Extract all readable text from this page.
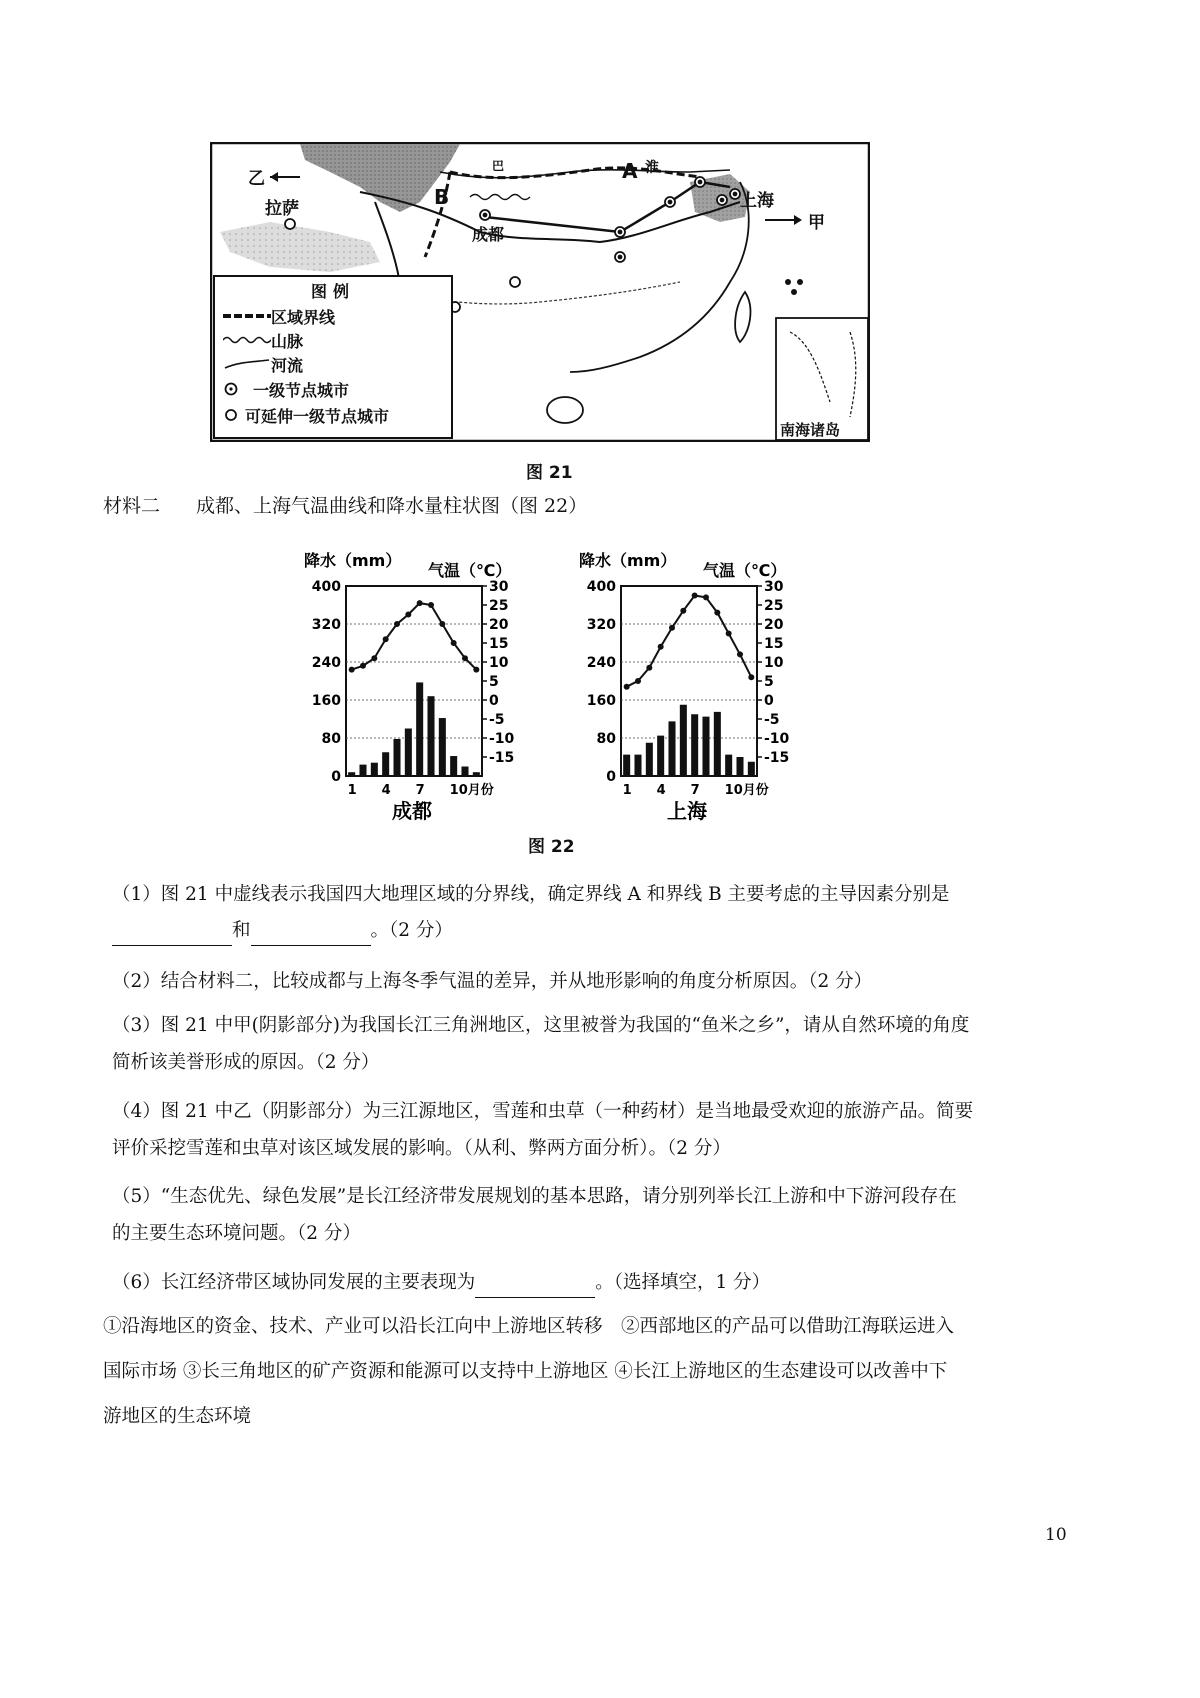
乙
拉萨	B
成都
A 淮
巴
上海
甲
南海诸岛
图例
区域界线
山脉
河流
一级节点城市
可延伸一级节点城市
图 21
材料二 成都、上海气温曲线和降水量柱状图（图 22）
降水（mm）
气温（℃）
0
80
160
240
320
400
-15
-10
-5
0
5
10
15
20
25
30
1 4 7 10月份
成都
降水（mm）
气温（℃）
0
80
160
240
320
400
-15
-10
-5
0
5
10
15
20
25
30
1 4 7 10月份
上海
图 22

（1）图 21 中虚线表示我国四大地理区域的分界线，确定界线 A 和界线 B 主要考虑的主导因素分别是

和	。（2 分）

（2）结合材料二，比较成都与上海冬季气温的差异，并从地形影响的角度分析原因。（2 分）

（3）图 21 中甲(阴影部分)为我国长江三角洲地区，这里被誉为我国的“鱼米之乡”，请从自然环境的角度

简析该美誉形成的原因。（2 分）

（4）图 21 中乙（阴影部分）为三江源地区，雪莲和虫草（一种药材）是当地最受欢迎的旅游产品。简要

评价采挖雪莲和虫草对该区域发展的影响。（从利、弊两方面分析）。（2 分）

（5）“生态优先、绿色发展”是长江经济带发展规划的基本思路，请分别列举长江上游和中下游河段存在

的主要生态环境问题。（2 分）

（6）长江经济带区域协同发展的主要表现为	。（选择填空，1 分）

①沿海地区的资金、技术、产业可以沿长江向中上游地区转移　②西部地区的产品可以借助江海联运进入

国际市场 ③长三角地区的矿产资源和能源可以支持中上游地区 ④长江上游地区的生态建设可以改善中下

游地区的生态环境

10
